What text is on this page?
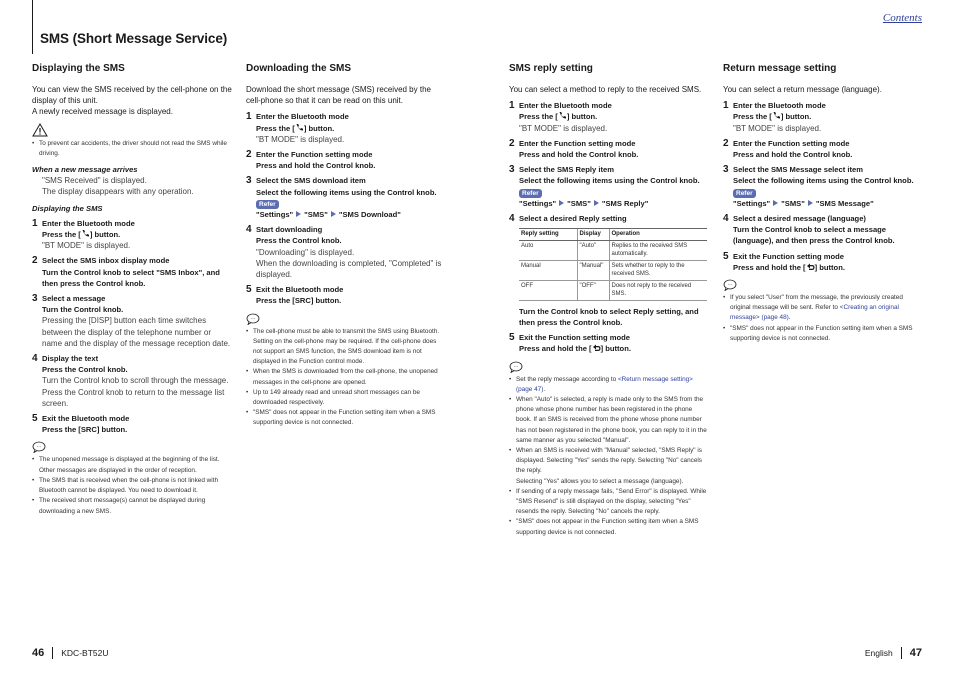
Contents
SMS (Short Message Service)
Displaying the SMS

You can view the SMS received by the cell-phone on the display of this unit.

A newly received message is displayed.

• To prevent car accidents, the driver should not read the SMS while driving.
When a new message arrives
"SMS Received" is displayed.
The display disappears with any operation.
Displaying the SMS
1 Enter the Bluetooth mode
Press the [ ] button.
"BT MODE" is displayed.
2 Select the SMS inbox display mode
Turn the Control knob to select "SMS Inbox", and then press the Control knob.
3 Select a message
Turn the Control knob.
Pressing the [DISP] button each time switches between the display of the telephone number or name and the display of the message reception date.
4 Display the text
Press the Control knob.
Turn the Control knob to scroll through the message.
Press the Control knob to return to the message list screen.
5 Exit the Bluetooth mode
Press the [SRC] button.
⋯
• The unopened message is displayed at the beginning of the list. Other messages are displayed in the order of reception.
• The SMS that is received when the cell-phone is not linked with Bluetooth cannot be displayed. You need to download it.
• The received short message(s) cannot be displayed during downloading a new SMS.
Downloading the SMS

Download the short message (SMS) received by the cell-phone so that it can be read on this unit.

1 Enter the Bluetooth mode
Press the [ ] button.
"BT MODE" is displayed.
2 Enter the Function setting mode
Press and hold the Control knob.
3 Select the SMS download item
Select the following items using the Control knob. Refer
"Settings" "SMS" "SMS Download"
4 Start downloading
Press the Control knob.
"Downloading" is displayed.
When the downloading is completed, "Completed" is displayed.
5 Exit the Bluetooth mode
Press the [SRC] button.
⋯
• The cell-phone must be able to transmit the SMS using Bluetooth. Setting on the cell-phone may be required. If the cell-phone does not support an SMS function, the SMS download item is not displayed in the Function control mode.
• When the SMS is downloaded from the cell-phone, the unopened messages in the cell-phone are opened.
• Up to 149 already read and unread short messages can be downloaded respectively.
• "SMS" does not appear in the Function setting item when a SMS supporting device is not connected.
SMS reply setting

You can select a method to reply to the received SMS.

1 Enter the Bluetooth mode
Press the [ ] button.
"BT MODE" is displayed.
2 Enter the Function setting mode
Press and hold the Control knob.
3 Select the SMS Reply item
Select the following items using the Control knob. Refer
"Settings" "SMS" "SMS Reply"
4 Select a desired Reply setting
Reply setting	Display	Operation
Auto	"Auto"	Replies to the received SMS automatically.
Manual	"Manual"	Sets whether to reply to the received SMS.
OFF	"OFF"	Does not reply to the received SMS.
Turn the Control knob to select Reply setting, and then press the Control knob.
5 Exit the Function setting mode
Press and hold the [ ] button.
⋯
• Set the reply message according to <Return message setting> (page 47).
• When "Auto" is selected, a reply is made only to the SMS from the phone whose phone number has been registered in the phone book. If an SMS is received from the phone whose phone number has not been registered in the phone book, you can reply to it in the same manner as you selected "Manual".
• When an SMS is received with "Manual" selected, "SMS Reply" is displayed. Selecting "Yes" sends the reply. Selecting "No" cancels the reply.
Selecting "Yes" allows you to select a message (language).
• If sending of a reply message fails, "Send Error" is displayed. While "SMS Resend" is still displayed on the display, selecting "Yes" resends the reply. Selecting "No" cancels the reply.
• "SMS" does not appear in the Function setting item when a SMS supporting device is not connected.
Return message setting

You can select a return message (language).

1 Enter the Bluetooth mode
Press the [ ] button.
"BT MODE" is displayed.
2 Enter the Function setting mode
Press and hold the Control knob.
3 Select the SMS Message select item
Select the following items using the Control knob. Refer
"Settings" "SMS" "SMS Message"
4 Select a desired message (language)
Turn the Control knob to select a message (language), and then press the Control knob.
5 Exit the Function setting mode
Press and hold the [ ] button.
⋯
• If you select "User" from the message, the previously created original message will be sent. Refer to <Creating an original message> (page 48).
• "SMS" does not appear in the Function setting item when a SMS supporting device is not connected.
46 KDC-BT52U	English 47
